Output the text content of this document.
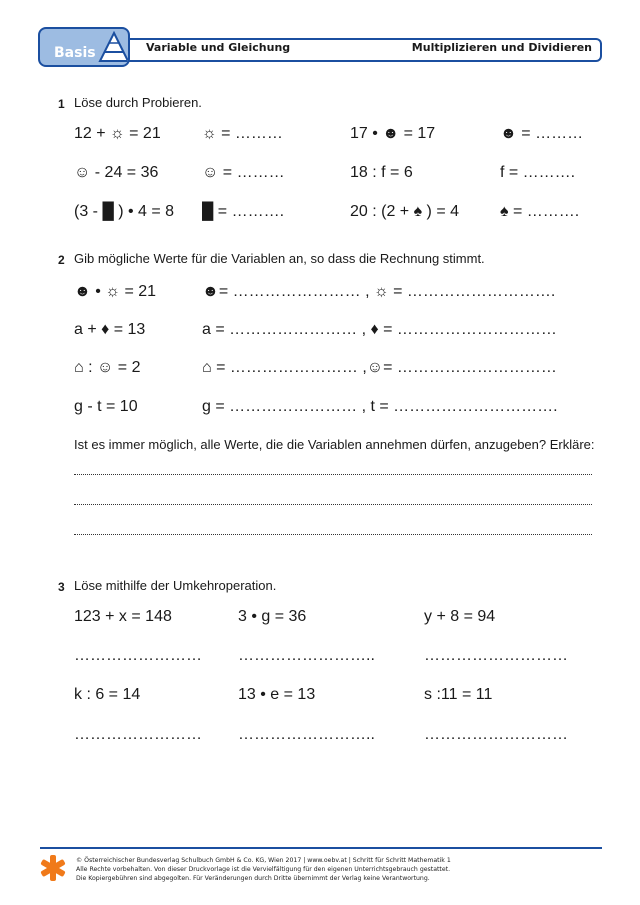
Basis	Variable und Gleichung	Multiplizieren und Dividieren
1 Löse durch Probieren.
12 + ☼ = 21	☼ = ………	17 • ☻ = 17	☻ = ………
☺ - 24 = 36	☺ = ………	18 : f = 6	f = ……….
(3 - █ ) • 4 = 8 █ = ……….	20 : (2 + ♠ ) = 4	♠ = ……….
2 Gib mögliche Werte für die Variablen an, so dass die Rechnung stimmt.
☻ • ☼ = 21	☻= …………………… , ☼ = ……………………….
a + ♦ = 13	a = …………………… , ♦ = …………………………
⌂ : ☺ = 2	⌂ = …………………… ,☺= …………………………
g - t = 10	g = …………………… , t = ………………………….
Ist es immer möglich, alle Werte, die die Variablen annehmen dürfen, anzugeben? Erkläre:
3 Löse mithilfe der Umkehroperation.
123 + x = 148	3 • g = 36	y + 8 = 94
…………………… ……………………..	………………………
k : 6 = 14	13 • e = 13	s :11 = 11
…………………… ……………………..	………………………
© Österreichischer Bundesverlag Schulbuch GmbH & Co. KG, Wien 2017 | www.oebv.at | Schritt für Schritt Mathematik 1
Alle Rechte vorbehalten. Von dieser Druckvorlage ist die Vervielfältigung für den eigenen Unterrichtsgebrauch gestattet.
Die Kopiergebühren sind abgegolten. Für Veränderungen durch Dritte übernimmt der Verlag keine Verantwortung.
